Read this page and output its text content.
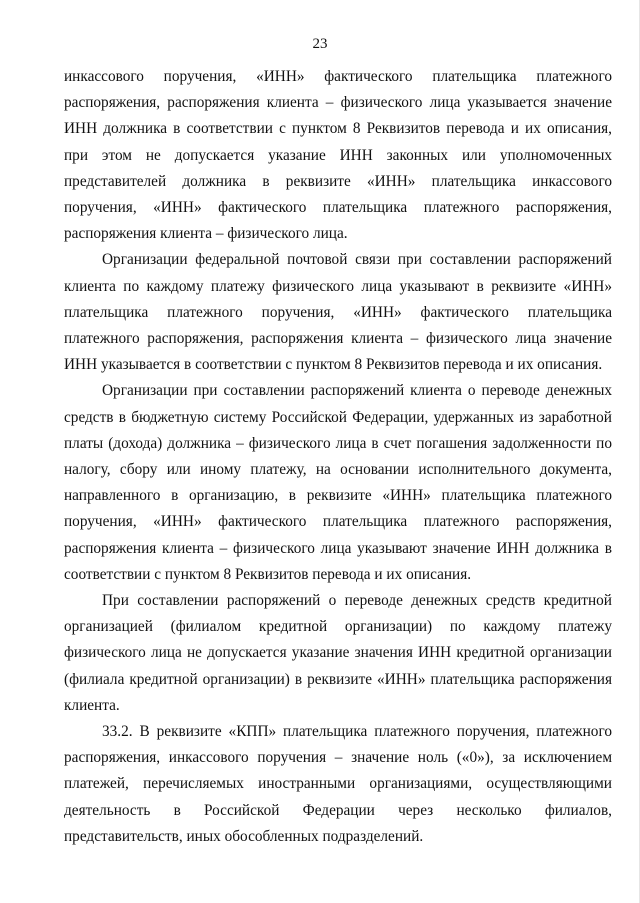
23

инкассового поручения, «ИНН» фактического плательщика платежного распоряжения, распоряжения клиента – физического лица указывается значение ИНН должника в соответствии с пунктом 8 Реквизитов перевода и их описания, при этом не допускается указание ИНН законных или уполномоченных представителей должника в реквизите «ИНН» плательщика инкассового поручения, «ИНН» фактического плательщика платежного распоряжения, распоряжения клиента – физического лица.

Организации федеральной почтовой связи при составлении распоряжений клиента по каждому платежу физического лица указывают в реквизите «ИНН» плательщика платежного поручения, «ИНН» фактического плательщика платежного распоряжения, распоряжения клиента – физического лица значение ИНН указывается в соответствии с пунктом 8 Реквизитов перевода и их описания.

Организации при составлении распоряжений клиента о переводе денежных средств в бюджетную систему Российской Федерации, удержанных из заработной платы (дохода) должника – физического лица в счет погашения задолженности по налогу, сбору или иному платежу, на основании исполнительного документа, направленного в организацию, в реквизите «ИНН» плательщика платежного поручения, «ИНН» фактического плательщика платежного распоряжения, распоряжения клиента – физического лица указывают значение ИНН должника в соответствии с пунктом 8 Реквизитов перевода и их описания.

При составлении распоряжений о переводе денежных средств кредитной организацией (филиалом кредитной организации) по каждому платежу физического лица не допускается указание значения ИНН кредитной организации (филиала кредитной организации) в реквизите «ИНН» плательщика распоряжения клиента.

33.2. В реквизите «КПП» плательщика платежного поручения, платежного распоряжения, инкассового поручения – значение ноль («0»), за исключением платежей, перечисляемых иностранными организациями, осуществляющими деятельность в Российской Федерации через несколько филиалов, представительств, иных обособленных подразделений.
